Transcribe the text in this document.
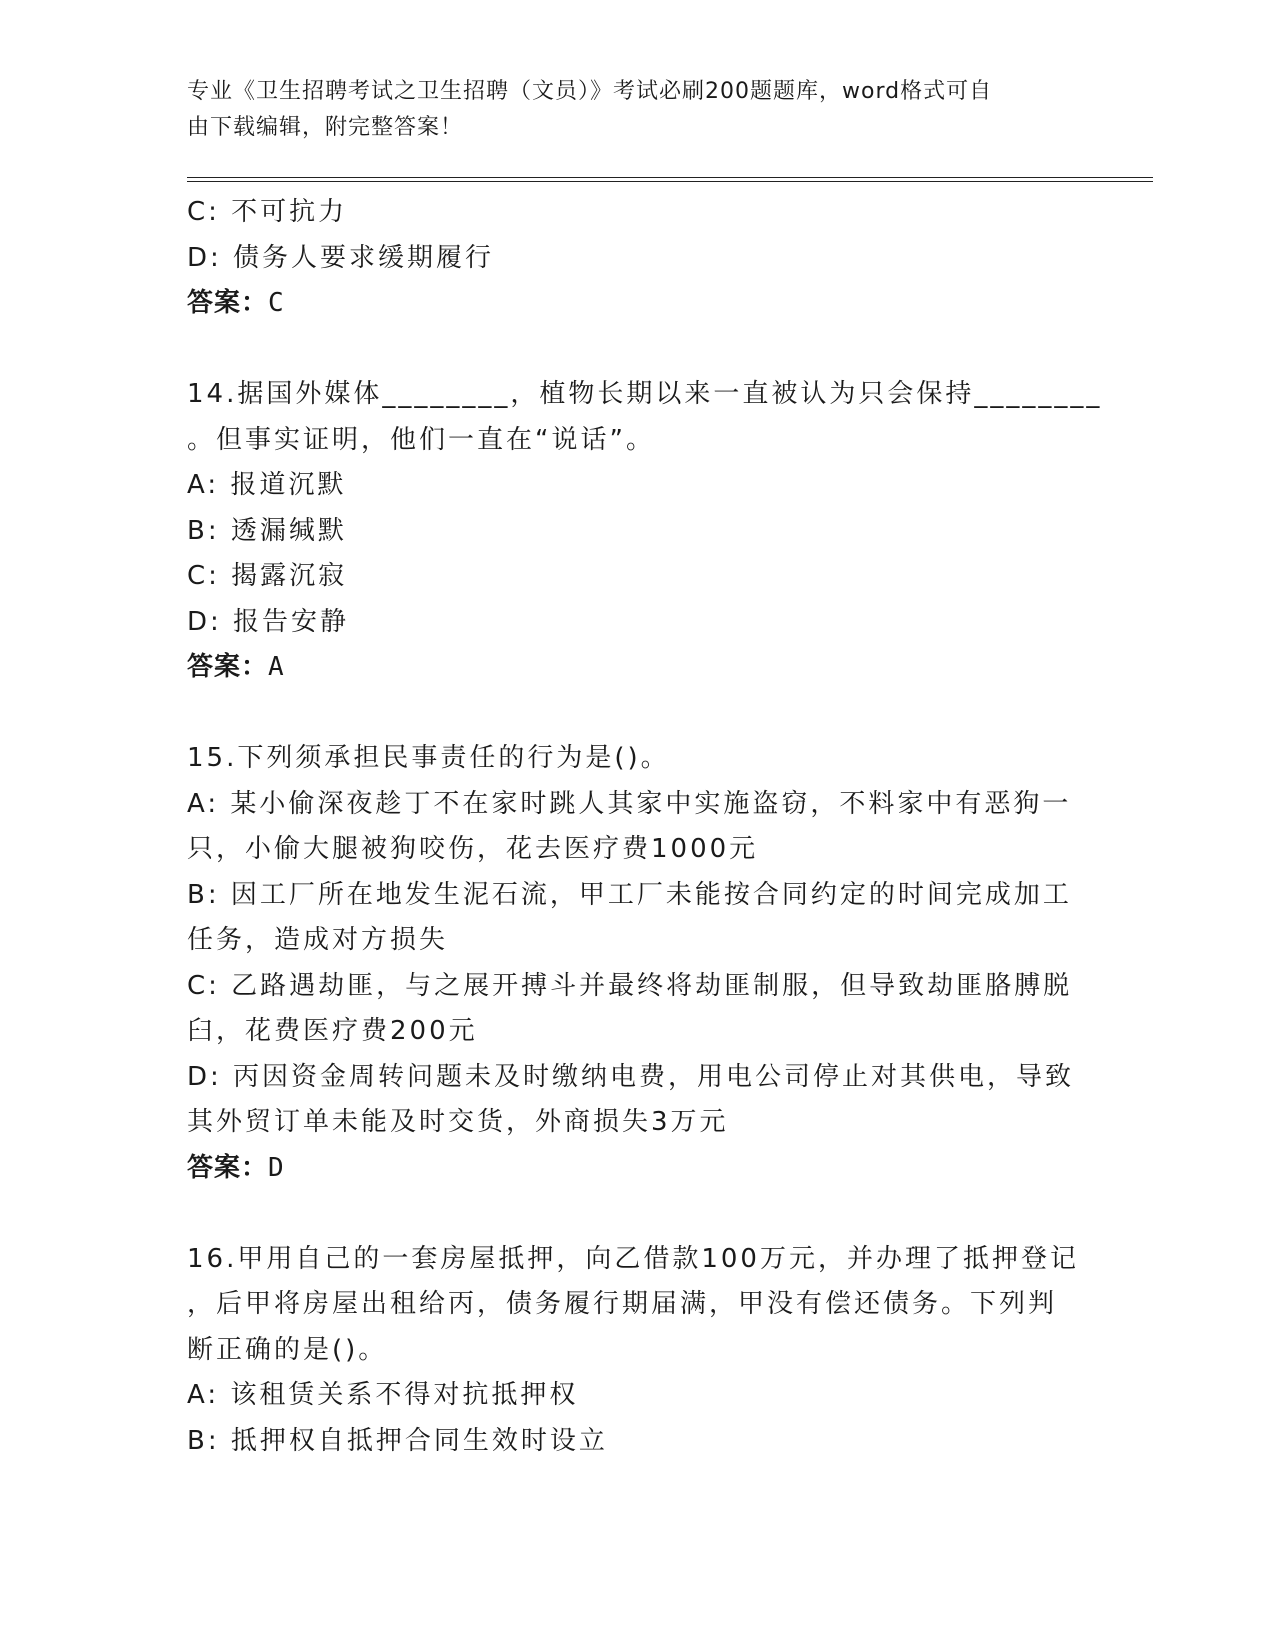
专业《卫生招聘考试之卫生招聘（文员）》考试必刷200题题库，word格式可自
由下载编辑，附完整答案！
C: 不可抗力
D: 债务人要求缓期履行
答案：C
14.据国外媒体________，植物长期以来一直被认为只会保持________
。但事实证明，他们一直在“说话”。
A: 报道沉默
B: 透漏缄默
C: 揭露沉寂
D: 报告安静
答案：A
15.下列须承担民事责任的行为是()。
A: 某小偷深夜趁丁不在家时跳人其家中实施盗窃，不料家中有恶狗一
只，小偷大腿被狗咬伤，花去医疗费1000元
B: 因工厂所在地发生泥石流，甲工厂未能按合同约定的时间完成加工
任务，造成对方损失
C: 乙路遇劫匪，与之展开搏斗并最终将劫匪制服，但导致劫匪胳膊脱
臼，花费医疗费200元
D: 丙因资金周转问题未及时缴纳电费，用电公司停止对其供电，导致
其外贸订单未能及时交货，外商损失3万元
答案：D
16.甲用自己的一套房屋抵押，向乙借款100万元，并办理了抵押登记
，后甲将房屋出租给丙，债务履行期届满，甲没有偿还债务。下列判
断正确的是()。
A: 该租赁关系不得对抗抵押权
B: 抵押权自抵押合同生效时设立
